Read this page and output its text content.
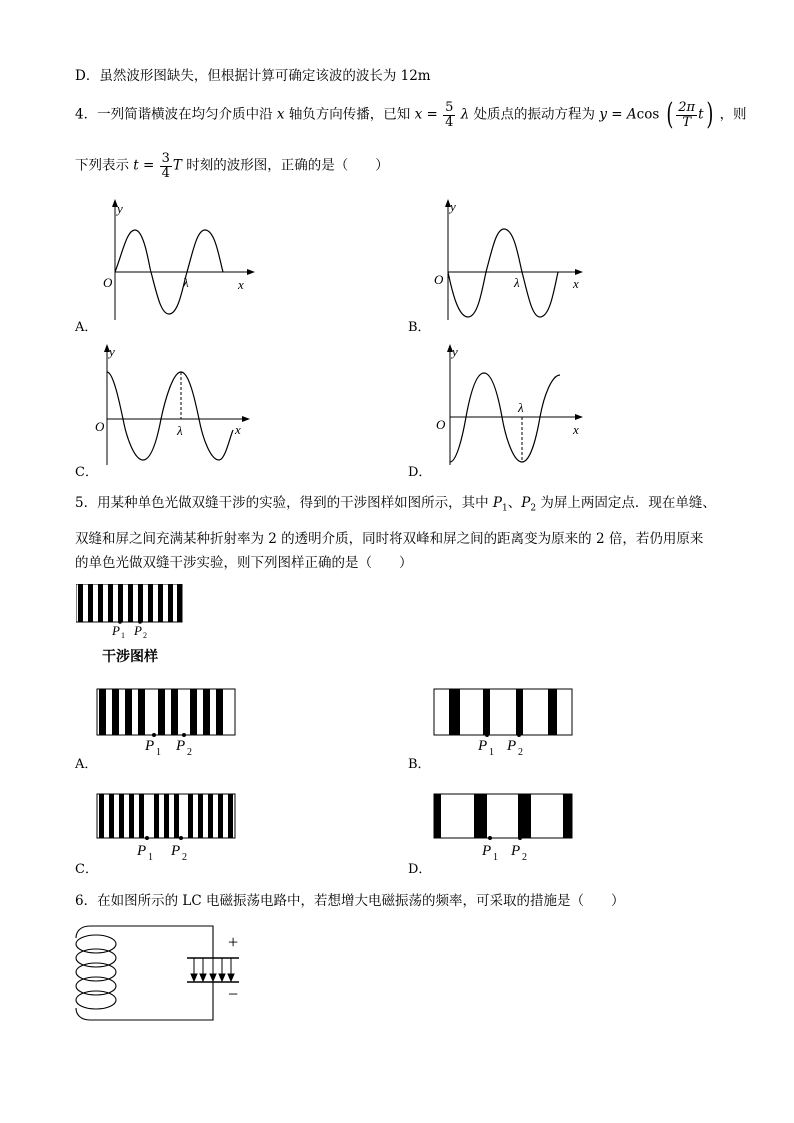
D．虽然波形图缺失，但根据计算可确定该波的波长为 12m
4．一列简谐横波在均匀介质中沿 x 轴负方向传播，已知 $x = \frac{5}{4}$ λ 处质点的振动方程为 y = Acos ( $\frac{2\pi}{T} t$) ，则
下列表示 $t = \frac{3}{4}$ T 时刻的波形图，正确的是（　　）
y
O	λ	x
A．
y
O	λ	x
B．
y
O	λ	x
C．
y
O
λ
x
D．
5．用某种单色光做双缝干涉的实验，得到的干涉图样如图所示，其中 $P_1$、$P_2$ 为屏上两固定点．现在单缝、
双缝和屏之间充满某种折射率为 2 的透明介质，同时将双峰和屏之间的距离变为原来的 2 倍，若仍用原来
的单色光做双缝干涉实验，则下列图样正确的是（　　）
P 1 P 2
干涉图样
P 1 P 2
A．
P 1 P 2
B．
P 1 P 2
C．
P 1 P 2
D．
6．在如图所示的 LC 电磁振荡电路中，若想增大电磁振荡的频率，可采取的措施是（　　）
+
−
